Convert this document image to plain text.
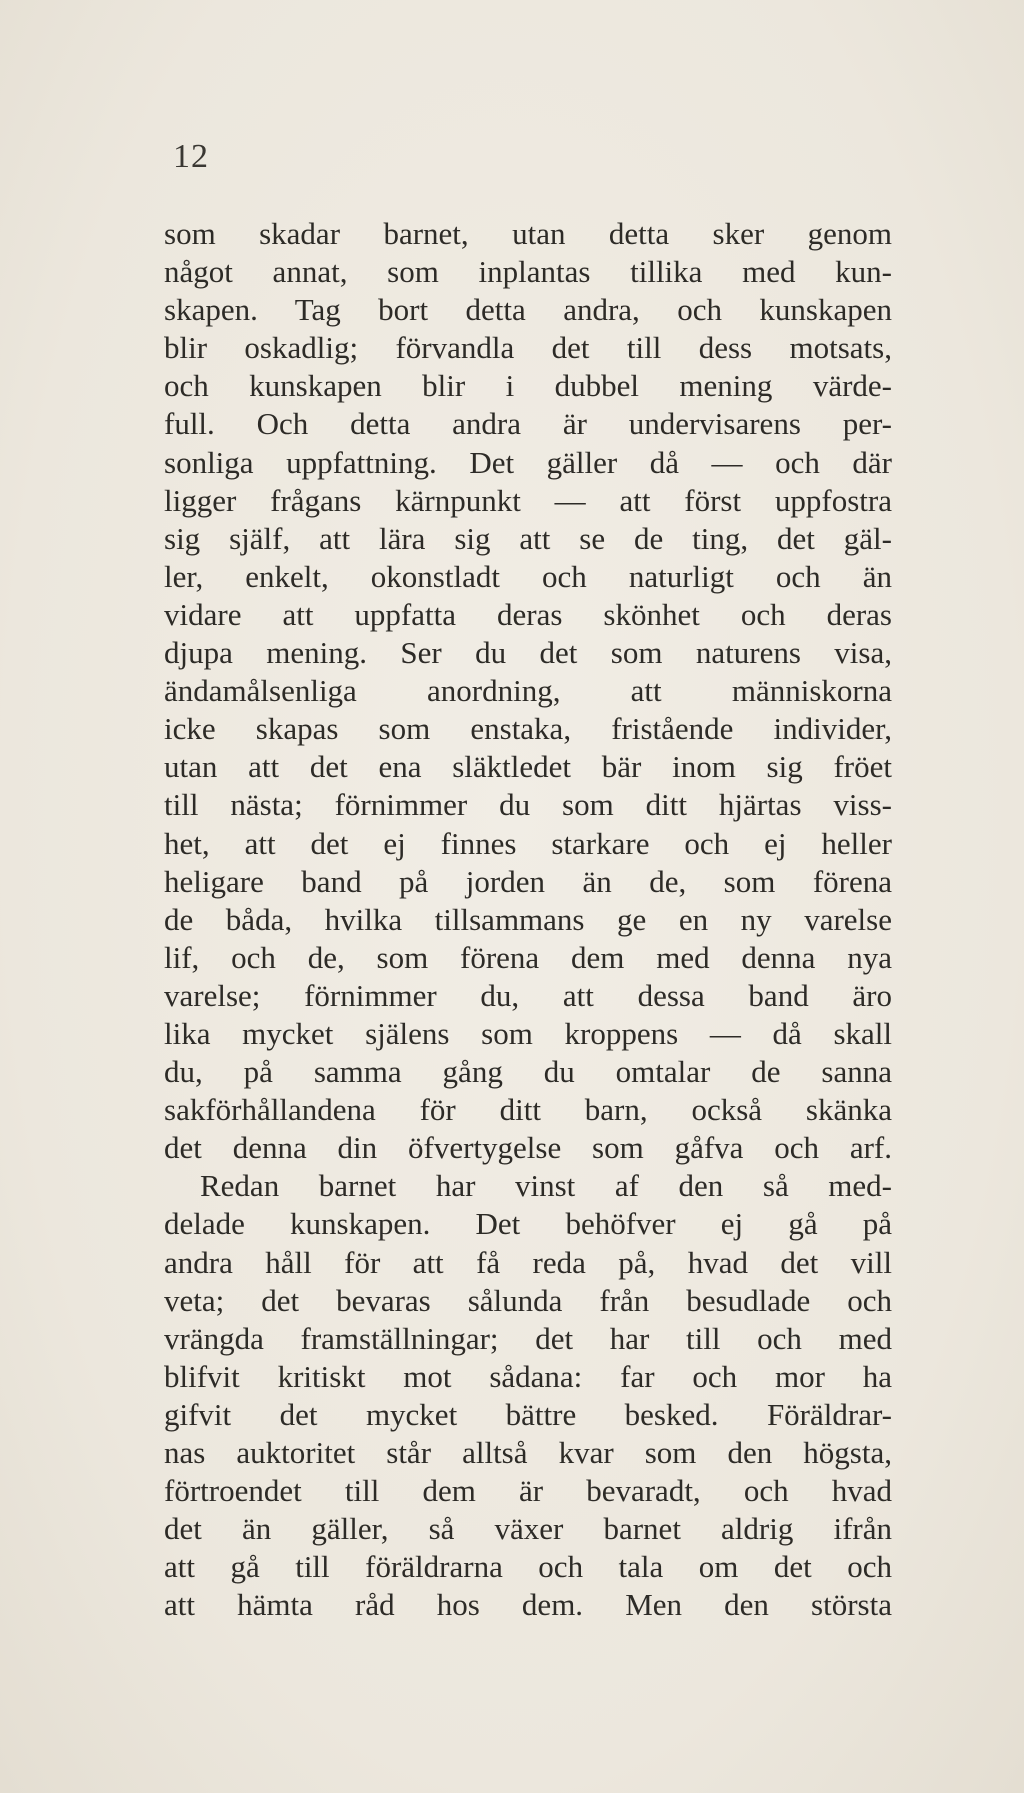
12
som skadar barnet, utan detta sker genom
något annat, som inplantas tillika med kun-
skapen. Tag bort detta andra, och kunskapen
blir oskadlig; förvandla det till dess motsats,
och kunskapen blir i dubbel mening värde-
full. Och detta andra är undervisarens per-
sonliga uppfattning. Det gäller då — och där
ligger frågans kärnpunkt — att först uppfostra
sig själf, att lära sig att se de ting, det gäl-
ler, enkelt, okonstladt och naturligt och än
vidare att uppfatta deras skönhet och deras
djupa mening. Ser du det som naturens visa,
ändamålsenliga anordning, att människorna
icke skapas som enstaka, fristående individer,
utan att det ena släktledet bär inom sig fröet
till nästa; förnimmer du som ditt hjärtas viss-
het, att det ej finnes starkare och ej heller
heligare band på jorden än de, som förena
de båda, hvilka tillsammans ge en ny varelse
lif, och de, som förena dem med denna nya
varelse; förnimmer du, att dessa band äro
lika mycket själens som kroppens — då skall
du, på samma gång du omtalar de sanna
sakförhållandena för ditt barn, också skänka
det denna din öfvertygelse som gåfva och arf.
Redan barnet har vinst af den så med-
delade kunskapen. Det behöfver ej gå på
andra håll för att få reda på, hvad det vill
veta; det bevaras sålunda från besudlade och
vrängda framställningar; det har till och med
blifvit kritiskt mot sådana: far och mor ha
gifvit det mycket bättre besked. Föräldrar-
nas auktoritet står alltså kvar som den högsta,
förtroendet till dem är bevaradt, och hvad
det än gäller, så växer barnet aldrig ifrån
att gå till föräldrarna och tala om det och
att hämta råd hos dem. Men den största
